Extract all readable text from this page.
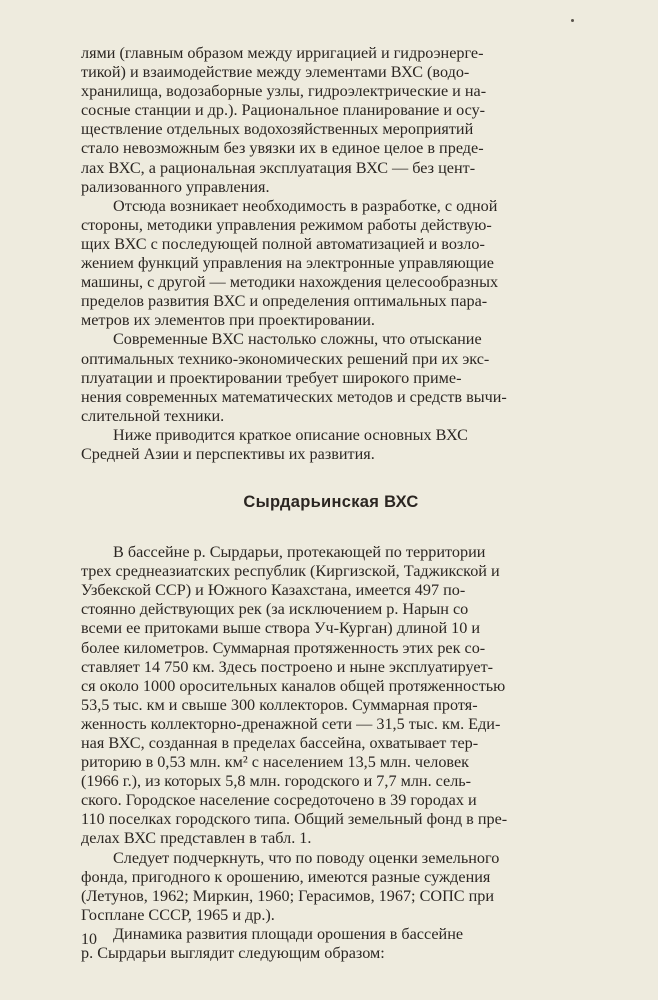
лями (главным образом между ирригацией и гидроэнерге-
тикой) и взаимодействие между элементами ВХС (водо-
хранилища, водозаборные узлы, гидроэлектрические и на-
сосные станции и др.). Рациональное планирование и осу-
ществление отдельных водохозяйственных мероприятий
стало невозможным без увязки их в единое целое в преде-
лах ВХС, а рациональная эксплуатация ВХС — без цент-
рализованного управления.

Отсюда возникает необходимость в разработке, с одной
стороны, методики управления режимом работы действую-
щих ВХС с последующей полной автоматизацией и возло-
жением функций управления на электронные управляющие
машины, с другой — методики нахождения целесообразных
пределов развития ВХС и определения оптимальных пара-
метров их элементов при проектировании.

Современные ВХС настолько сложны, что отыскание
оптимальных технико-экономических решений при их экс-
плуатации и проектировании требует широкого приме-
нения современных математических методов и средств вычи-
слительной техники.

Ниже приводится краткое описание основных ВХС
Средней Азии и перспективы их развития.

Сырдарьинская ВХС

В бассейне р. Сырдарьи, протекающей по территории
трех среднеазиатских республик (Киргизской, Таджикской и
Узбекской ССР) и Южного Казахстана, имеется 497 по-
стоянно действующих рек (за исключением р. Нарын со
всеми ее притоками выше створа Уч-Курган) длиной 10 и
более километров. Суммарная протяженность этих рек со-
ставляет 14 750 км. Здесь построено и ныне эксплуатирует-
ся около 1000 оросительных каналов общей протяженностью
53,5 тыс. км и свыше 300 коллекторов. Суммарная протя-
женность коллекторно-дренажной сети — 31,5 тыс. км. Еди-
ная ВХС, созданная в пределах бассейна, охватывает тер-
риторию в 0,53 млн. км² с населением 13,5 млн. человек
(1966 г.), из которых 5,8 млн. городского и 7,7 млн. сель-
ского. Городское население сосредоточено в 39 городах и
110 поселках городского типа. Общий земельный фонд в пре-
делах ВХС представлен в табл. 1.

Следует подчеркнуть, что по поводу оценки земельного
фонда, пригодного к орошению, имеются разные суждения
(Летунов, 1962; Миркин, 1960; Герасимов, 1967; СОПС при
Госплане СССР, 1965 и др.).

Динамика развития площади орошения в бассейне
р. Сырдарьи выглядит следующим образом:

10
